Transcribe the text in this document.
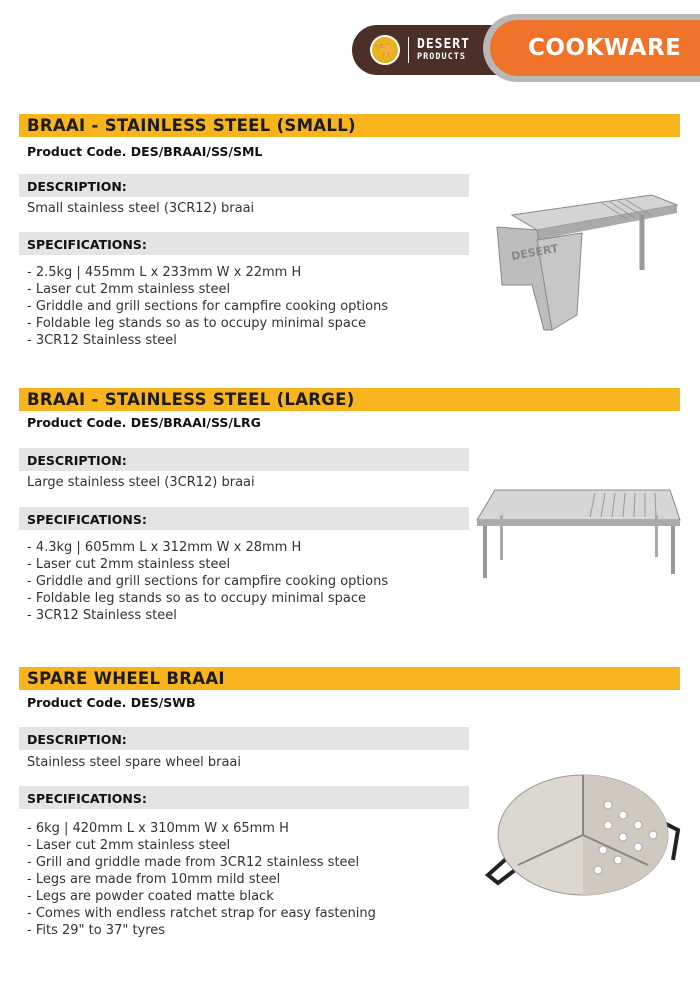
🐪	DESERT
PRODUCTS	COOKWARE
BRAAI - STAINLESS STEEL (SMALL)
Product Code. DES/BRAAI/SS/SML
DESCRIPTION:
Small stainless steel (3CR12) braai
SPECIFICATIONS:
- 2.5kg | 455mm L x 233mm W x 22mm H
- Laser cut 2mm stainless steel
- Griddle and grill sections for campfire cooking options
- Foldable leg stands so as to occupy minimal space
- 3CR12 Stainless steel
DESERT
BRAAI - STAINLESS STEEL (LARGE)
Product Code. DES/BRAAI/SS/LRG
DESCRIPTION:
Large stainless steel (3CR12) braai
SPECIFICATIONS:
- 4.3kg | 605mm L x 312mm W x 28mm H
- Laser cut 2mm stainless steel
- Griddle and grill sections for campfire cooking options
- Foldable leg stands so as to occupy minimal space
- 3CR12 Stainless steel
SPARE WHEEL BRAAI
Product Code. DES/SWB
DESCRIPTION:
Stainless steel spare wheel braai
SPECIFICATIONS:
- 6kg | 420mm L x 310mm W x 65mm H
- Laser cut 2mm stainless steel
- Grill and griddle made from 3CR12 stainless steel
- Legs are made from 10mm mild steel
- Legs are powder coated matte black
- Comes with endless ratchet strap for easy fastening
- Fits 29" to 37" tyres
